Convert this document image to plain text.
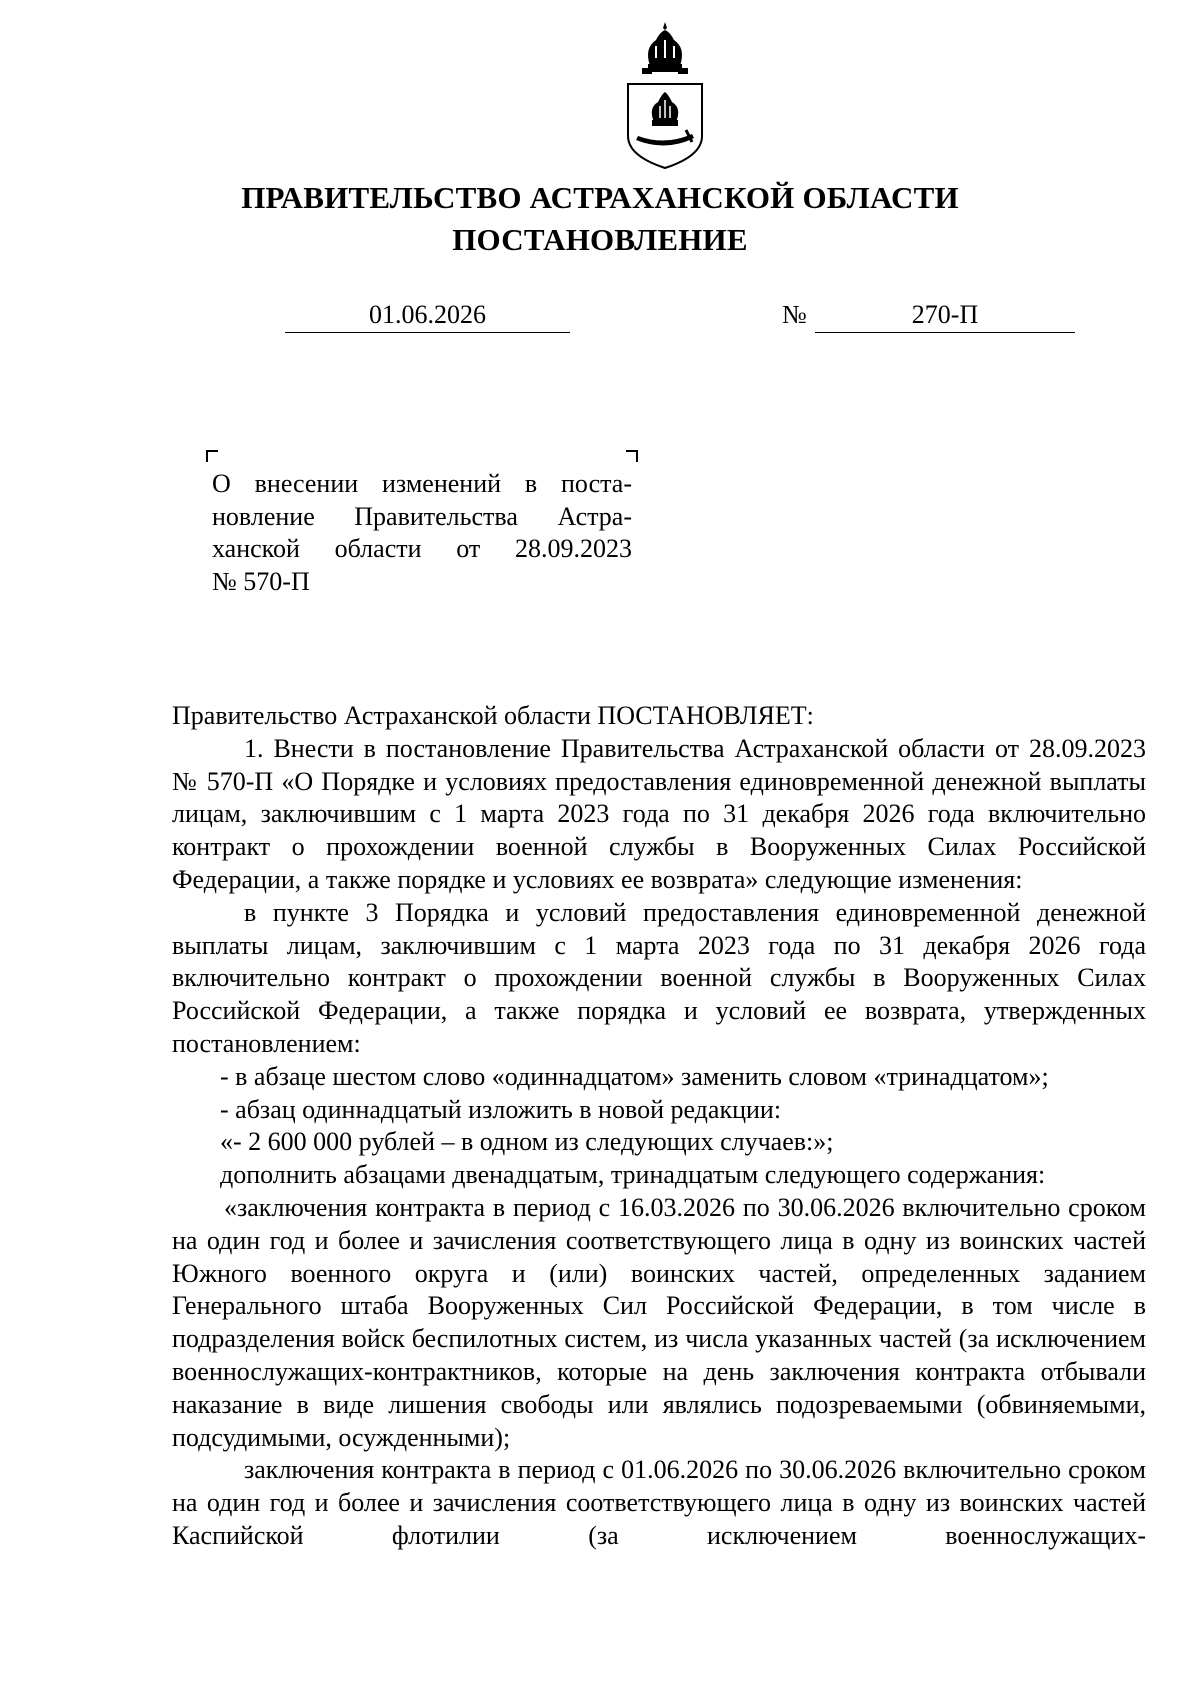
ПРАВИТЕЛЬСТВО АСТРАХАНСКОЙ ОБЛАСТИ
ПОСТАНОВЛЕНИЕ
01.06.2026	№	270-П
О внесении изменений в поста-
новление Правительства Астра-
ханской области от 28.09.2023
№ 570-П

Правительство Астраханской области ПОСТАНОВЛЯЕТ:

1. Внести в постановление Правительства Астраханской области от 28.09.2023 № 570-П «О Порядке и условиях предоставления единовременной денежной выплаты лицам, заключившим с 1 марта 2023 года по 31 декабря 2026 года включительно контракт о прохождении военной службы в Вооруженных Силах Российской Федерации, а также порядке и условиях ее возврата» следующие изменения:

в пункте 3 Порядка и условий предоставления единовременной денежной выплаты лицам, заключившим с 1 марта 2023 года по 31 декабря 2026 года включительно контракт о прохождении военной службы в Вооруженных Силах Российской Федерации, а также порядка и условий ее возврата, утвержденных постановлением:

- в абзаце шестом слово «одиннадцатом» заменить словом «тринадцатом»;

- абзац одиннадцатый изложить в новой редакции:

«- 2 600 000 рублей – в одном из следующих случаев:»;

дополнить абзацами двенадцатым, тринадцатым следующего содержания:

«заключения контракта в период с 16.03.2026 по 30.06.2026 включительно сроком на один год и более и зачисления соответствующего лица в одну из воинских частей Южного военного округа и (или) воинских частей, определенных заданием Генерального штаба Вооруженных Сил Российской Федерации, в том числе в подразделения войск беспилотных систем, из числа указанных частей (за исключением военнослужащих-контрактников, которые на день заключения контракта отбывали наказание в виде лишения свободы или являлись подозреваемыми (обвиняемыми, подсудимыми, осужденными);

заключения контракта в период с 01.06.2026 по 30.06.2026 включительно сроком на один год и более и зачисления соответствующего лица в одну из воинских частей Каспийской флотилии (за исключением военнослужащих-
